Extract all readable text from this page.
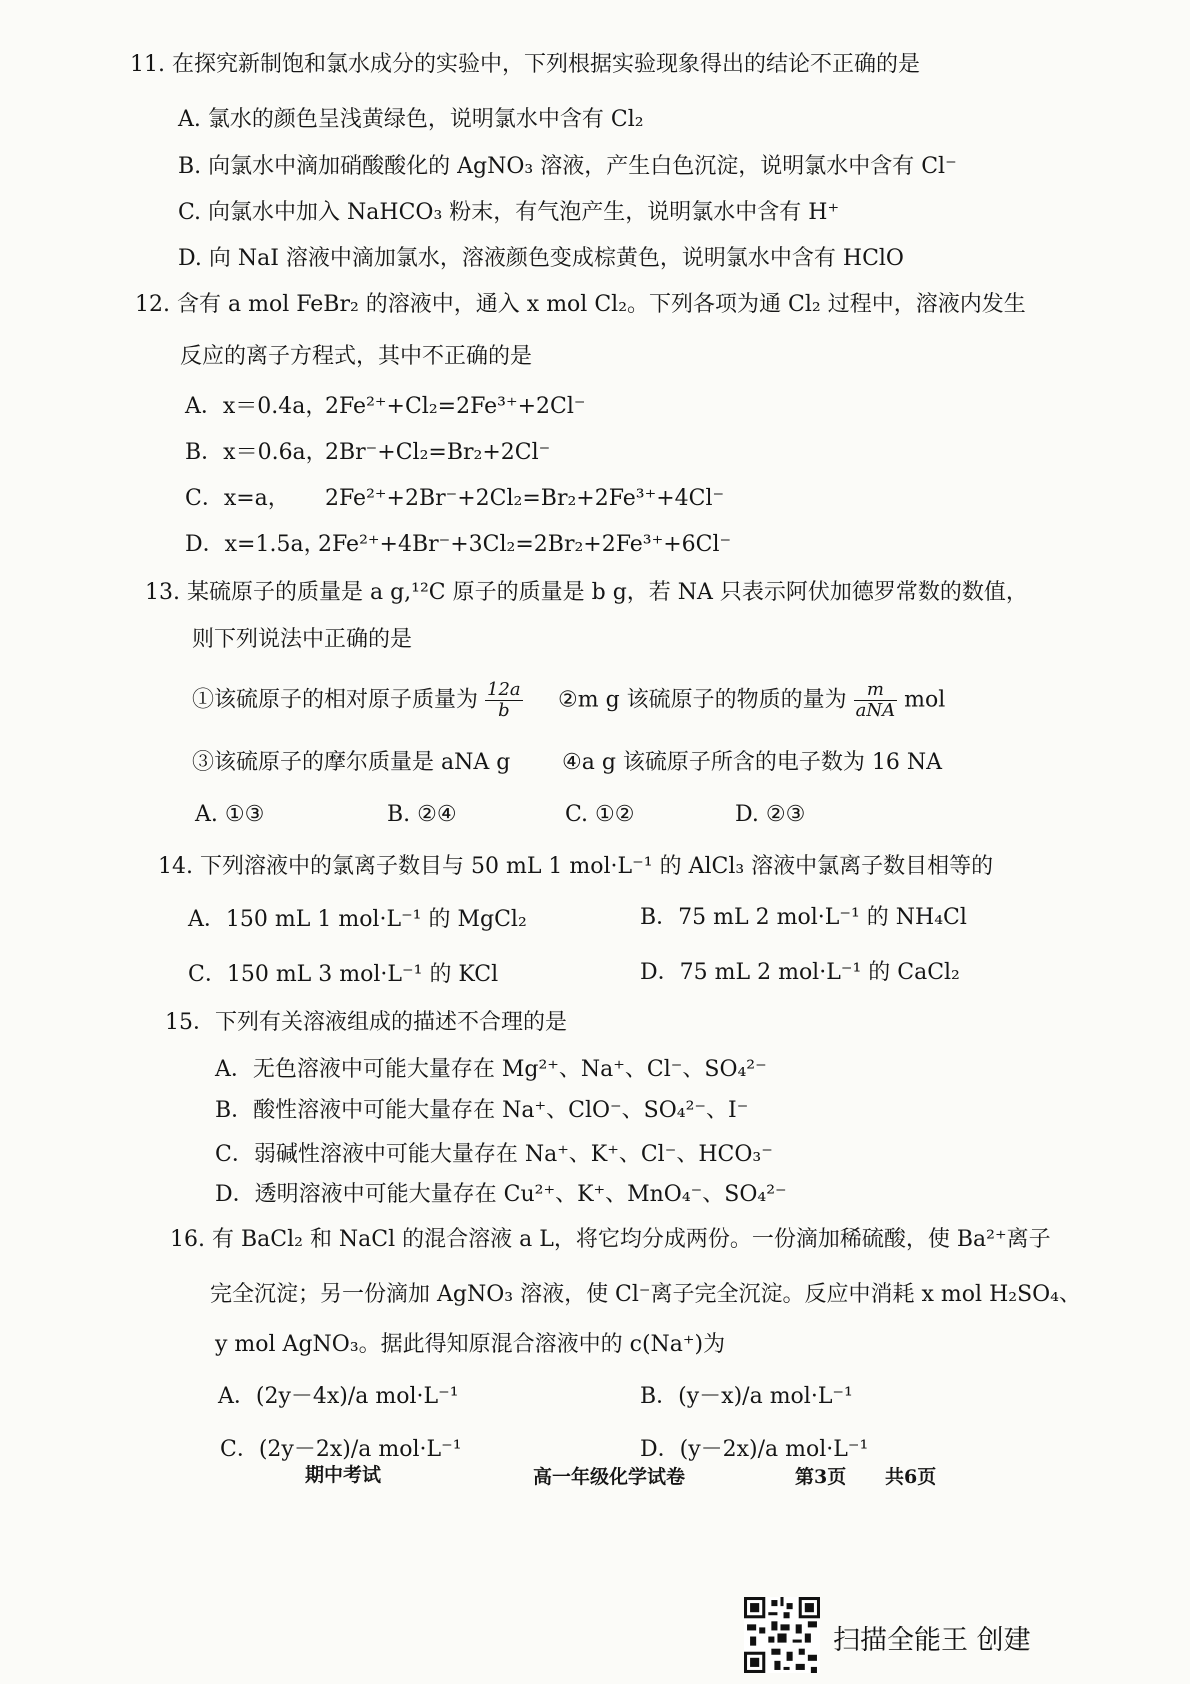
11. 在探究新制饱和氯水成分的实验中，下列根据实验现象得出的结论不正确的是
A. 氯水的颜色呈浅黄绿色，说明氯水中含有 Cl₂
B. 向氯水中滴加硝酸酸化的 AgNO₃ 溶液，产生白色沉淀，说明氯水中含有 Cl⁻
C. 向氯水中加入 NaHCO₃ 粉末，有气泡产生，说明氯水中含有 H⁺
D. 向 NaI 溶液中滴加氯水，溶液颜色变成棕黄色，说明氯水中含有 HClO
12. 含有 a mol FeBr₂ 的溶液中，通入 x mol Cl₂。下列各项为通 Cl₂ 过程中，溶液内发生
反应的离子方程式，其中不正确的是
A．x＝0.4a，
2Fe²⁺+Cl₂=2Fe³⁺+2Cl⁻
B．x＝0.6a，
2Br⁻+Cl₂=Br₂+2Cl⁻
C．x=a， 2Fe²⁺+2Br⁻+2Cl₂=Br₂+2Fe³⁺+4Cl⁻
D．x=1.5a，
2Fe²⁺+4Br⁻+3Cl₂=2Br₂+2Fe³⁺+6Cl⁻
13. 某硫原子的质量是 a g,¹²C 原子的质量是 b g，若 NA 只表示阿伏加德罗常数的数值，
则下列说法中正确的是
①该硫原子的相对原子质量为 $\frac{12a}{b}$ ②m g 该硫原子的物质的量为 $\frac{m}{\text{aNA}}$ mol
③该硫原子的摩尔质量是 aNA g ④a g 该硫原子所含的电子数为 16 NA
A. ①③	B. ②④	C. ①②	D. ②③
14. 下列溶液中的氯离子数目与 50 mL 1 mol·L⁻¹ 的 AlCl₃ 溶液中氯离子数目相等的
A．150 mL 1 mol·L⁻¹ 的 MgCl₂	B．75 mL 2 mol·L⁻¹ 的 NH₄Cl
C．150 mL 3 mol·L⁻¹ 的 KCl	D．75 mL 2 mol·L⁻¹ 的 CaCl₂
15．下列有关溶液组成的描述不合理的是
A．无色溶液中可能大量存在 Mg²⁺、Na⁺、Cl⁻、SO₄²⁻
B．酸性溶液中可能大量存在 Na⁺、ClO⁻、SO₄²⁻、I⁻
C．弱碱性溶液中可能大量存在 Na⁺、K⁺、Cl⁻、HCO₃⁻
D．透明溶液中可能大量存在 Cu²⁺、K⁺、MnO₄⁻、SO₄²⁻
16. 有 BaCl₂ 和 NaCl 的混合溶液 a L，将它均分成两份。一份滴加稀硫酸，使 Ba²⁺离子
完全沉淀；另一份滴加 AgNO₃ 溶液，使 Cl⁻离子完全沉淀。反应中消耗 x mol H₂SO₄、
y mol AgNO₃。据此得知原混合溶液中的 c(Na⁺)为
A．(2y－4x)/a mol·L⁻¹	B．(y－x)/a mol·L⁻¹
C．(2y－2x)/a mol·L⁻¹	D．(y－2x)/a mol·L⁻¹
期中考试	高一年级化学试卷	第3页 共6页
扫描全能王 创建
